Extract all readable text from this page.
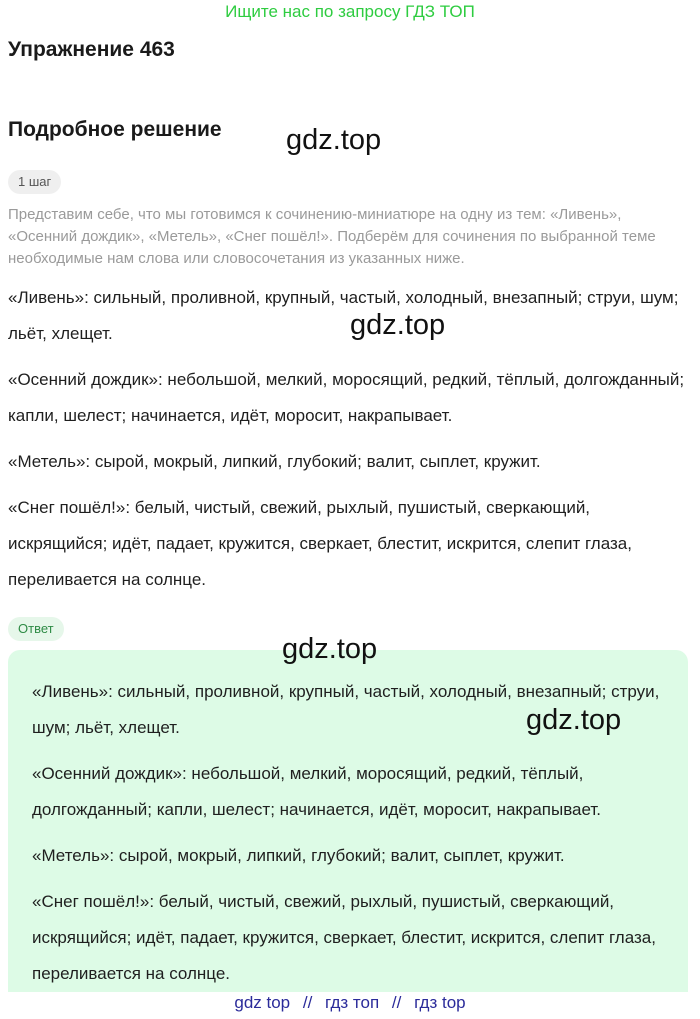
Ищите нас по запросу ГДЗ ТОП
Упражнение 463
Подробное решение gdz.top
gdz.top
1 шаг
Представим себе, что мы готовимся к сочинению-миниатюре на одну из тем: «Ливень», «Осенний дождик», «Метель», «Снег пошёл!». Подберём для сочинения по выбранной теме необходимые нам слова или словосочетания из указанных ниже.

«Ливень»: сильный, проливной, крупный, частый, холодный, внезапный; струи, шум; льёт, хлещет.

«Осенний дождик»: небольшой, мелкий, моросящий, редкий, тёплый, долгожданный; капли, шелест; начинается, идёт, моросит, накрапывает.

«Метель»: сырой, мокрый, липкий, глубокий; валит, сыплет, кружит.

«Снег пошёл!»: белый, чистый, свежий, рыхлый, пушистый, сверкающий, искрящийся; идёт, падает, кружится, сверкает, блестит, искрится, слепит глаза, переливается на солнце.

Ответ

«Ливень»: сильный, проливной, крупный, частый, холодный, внезапный; струи, шум; льёт, хлещет.

«Осенний дождик»: небольшой, мелкий, моросящий, редкий, тёплый, долгожданный; капли, шелест; начинается, идёт, моросит, накрапывает.

«Метель»: сырой, мокрый, липкий, глубокий; валит, сыплет, кружит.

«Снег пошёл!»: белый, чистый, свежий, рыхлый, пушистый, сверкающий, искрящийся; идёт, падает, кружится, сверкает, блестит, искрится, слепит глаза, переливается на солнце.

gdz.top
gdz.top
gdz top // гдз топ // гдз top
